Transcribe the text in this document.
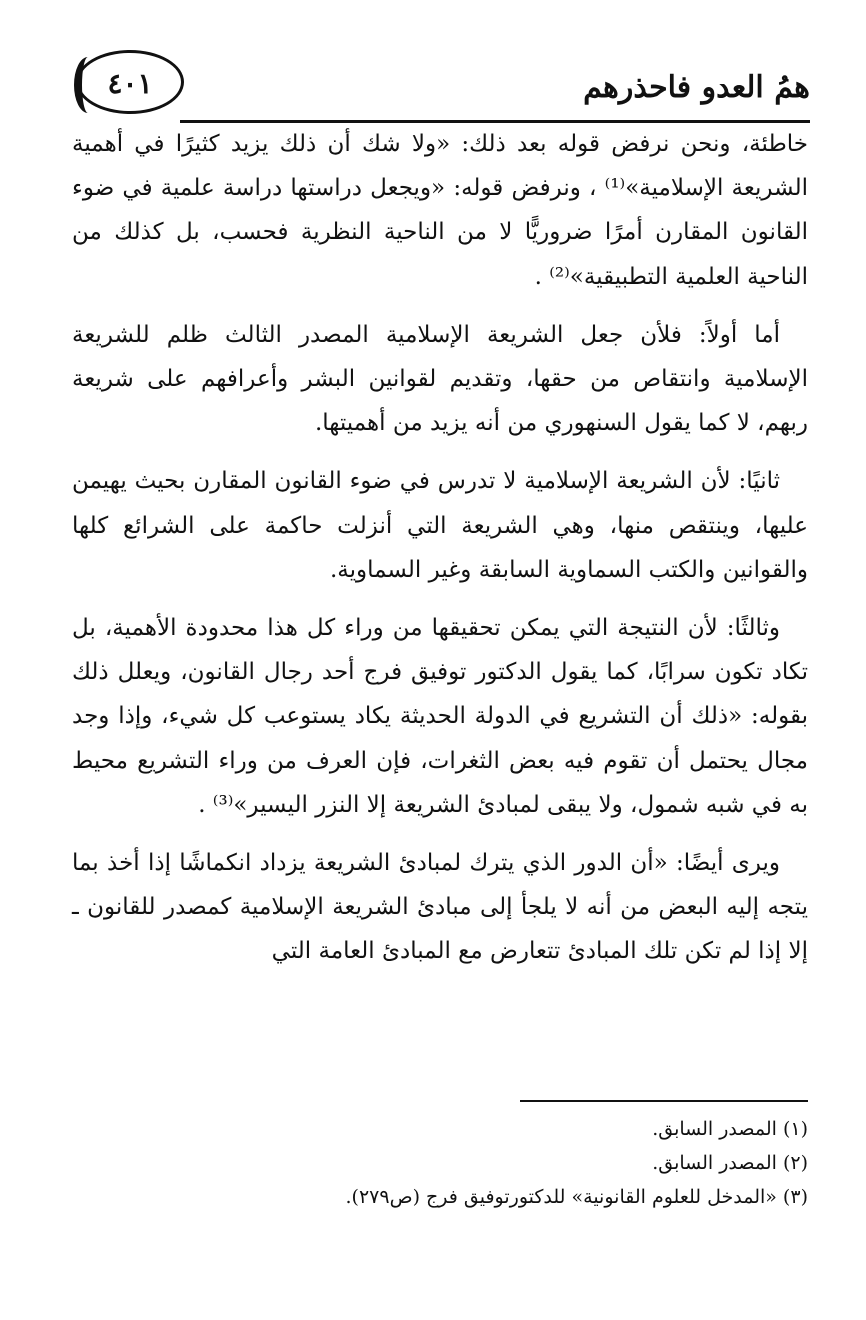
همُ العدو فاحذرهم
٤٠١

خاطئة، ونحن نرفض قوله بعد ذلك: «ولا شك أن ذلك يزيد كثيرًا في أهمية الشريعة الإسلامية»⁽¹⁾ ، ونرفض قوله: «ويجعل دراستها دراسة علمية في ضوء القانون المقارن أمرًا ضروريًّا لا من الناحية النظرية فحسب، بل كذلك من الناحية العلمية التطبيقية»⁽²⁾ .

أما أولاً: فلأن جعل الشريعة الإسلامية المصدر الثالث ظلم للشريعة الإسلامية وانتقاص من حقها، وتقديم لقوانين البشر وأعرافهم على شريعة ربهم، لا كما يقول السنهوري من أنه يزيد من أهميتها.

ثانيًا: لأن الشريعة الإسلامية لا تدرس في ضوء القانون المقارن بحيث يهيمن عليها، وينتقص منها، وهي الشريعة التي أنزلت حاكمة على الشرائع كلها والقوانين والكتب السماوية السابقة وغير السماوية.

وثالثًا: لأن النتيجة التي يمكن تحقيقها من وراء كل هذا محدودة الأهمية، بل تكاد تكون سرابًا، كما يقول الدكتور توفيق فرج أحد رجال القانون، ويعلل ذلك بقوله: «ذلك أن التشريع في الدولة الحديثة يكاد يستوعب كل شيء، وإذا وجد مجال يحتمل أن تقوم فيه بعض الثغرات، فإن العرف من وراء التشريع محيط به في شبه شمول، ولا يبقى لمبادئ الشريعة إلا النزر اليسير»⁽³⁾ .

ويرى أيضًا: «أن الدور الذي يترك لمبادئ الشريعة يزداد انكماشًا إذا أخذ بما يتجه إليه البعض من أنه لا يلجأ إلى مبادئ الشريعة الإسلامية كمصدر للقانون ـ إلا إذا لم تكن تلك المبادئ تتعارض مع المبادئ العامة التي

(١) المصدر السابق.
(٢) المصدر السابق.
(٣) «المدخل للعلوم القانونية» للدكتورتوفيق فرج (ص٢٧٩).
